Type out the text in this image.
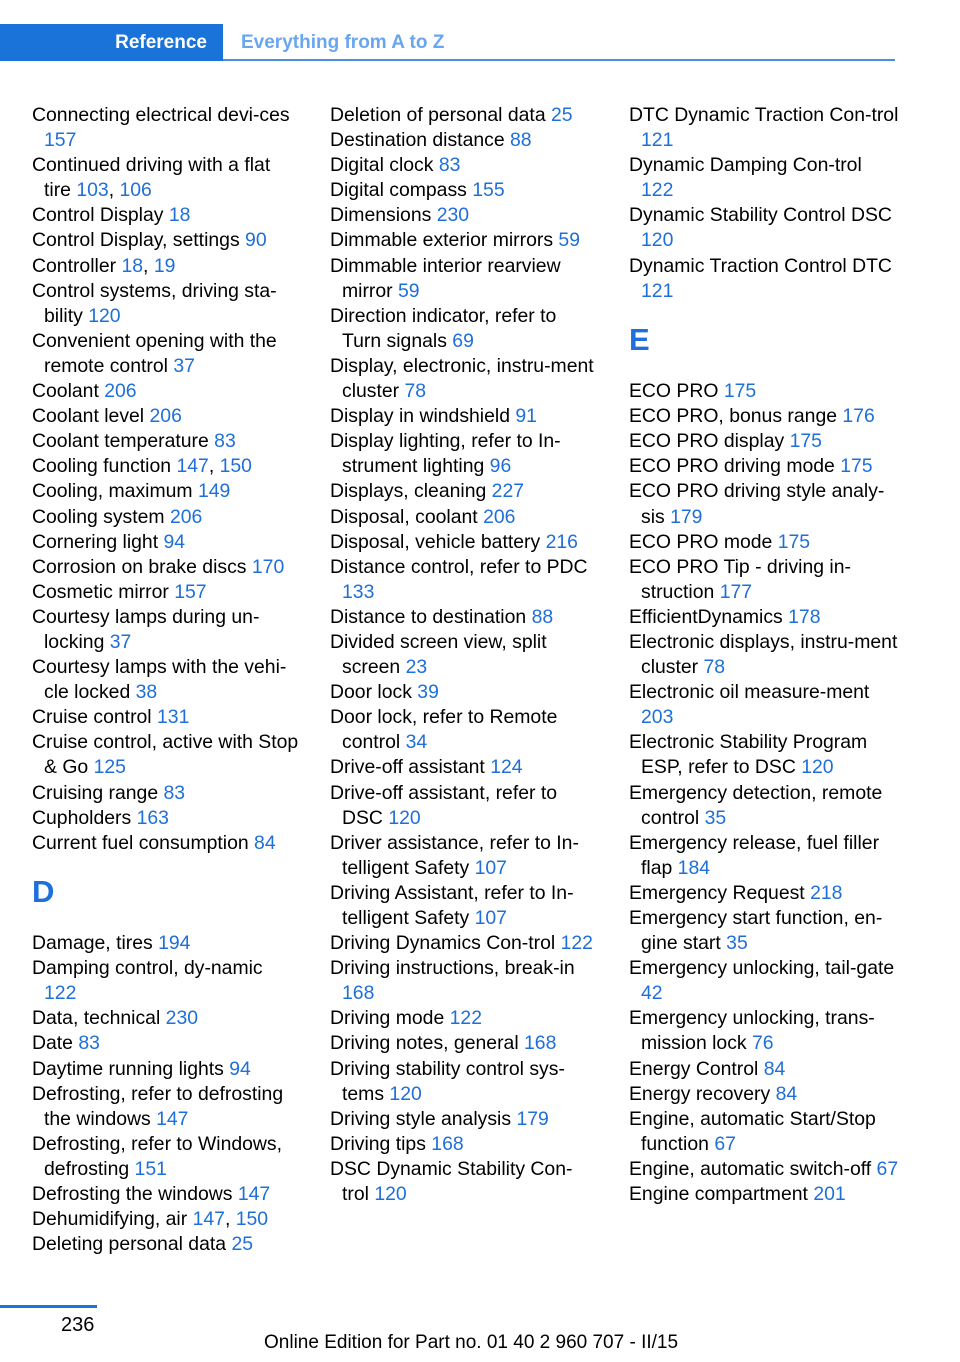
Reference Everything from A to Z
Connecting electrical devi-ces 157
Continued driving with a flat tire 103, 106
Control Display 18
Control Display, settings 90
Controller 18, 19
Control systems, driving sta-bility 120
Convenient opening with the remote control 37
Coolant 206
Coolant level 206
Coolant temperature 83
Cooling function 147, 150
Cooling, maximum 149
Cooling system 206
Cornering light 94
Corrosion on brake discs 170
Cosmetic mirror 157
Courtesy lamps during un-locking 37
Courtesy lamps with the vehi-cle locked 38
Cruise control 131
Cruise control, active with Stop & Go 125
Cruising range 83
Cupholders 163
Current fuel consumption 84
D
Damage, tires 194
Damping control, dy-namic 122
Data, technical 230
Date 83
Daytime running lights 94
Defrosting, refer to defrosting the windows 147
Defrosting, refer to Windows, defrosting 151
Defrosting the windows 147
Dehumidifying, air 147, 150
Deleting personal data 25
Deletion of personal data 25
Destination distance 88
Digital clock 83
Digital compass 155
Dimensions 230
Dimmable exterior mirrors 59
Dimmable interior rearview mirror 59
Direction indicator, refer to Turn signals 69
Display, electronic, instru-ment cluster 78
Display in windshield 91
Display lighting, refer to In-strument lighting 96
Displays, cleaning 227
Disposal, coolant 206
Disposal, vehicle battery 216
Distance control, refer to PDC 133
Distance to destination 88
Divided screen view, split screen 23
Door lock 39
Door lock, refer to Remote control 34
Drive-off assistant 124
Drive-off assistant, refer to DSC 120
Driver assistance, refer to In-telligent Safety 107
Driving Assistant, refer to In-telligent Safety 107
Driving Dynamics Con-trol 122
Driving instructions, break-in 168
Driving mode 122
Driving notes, general 168
Driving stability control sys-tems 120
Driving style analysis 179
Driving tips 168
DSC Dynamic Stability Con-trol 120
DTC Dynamic Traction Con-trol 121
Dynamic Damping Con-trol 122
Dynamic Stability Control DSC 120
Dynamic Traction Control DTC 121
E
ECO PRO 175
ECO PRO, bonus range 176
ECO PRO display 175
ECO PRO driving mode 175
ECO PRO driving style analy-sis 179
ECO PRO mode 175
ECO PRO Tip - driving in-struction 177
EfficientDynamics 178
Electronic displays, instru-ment cluster 78
Electronic oil measure-ment 203
Electronic Stability Program ESP, refer to DSC 120
Emergency detection, remote control 35
Emergency release, fuel filler flap 184
Emergency Request 218
Emergency start function, en-gine start 35
Emergency unlocking, tail-gate 42
Emergency unlocking, trans-mission lock 76
Energy Control 84
Energy recovery 84
Engine, automatic Start/Stop function 67
Engine, automatic switch-off 67
Engine compartment 201
236
Online Edition for Part no. 01 40 2 960 707 - II/15
